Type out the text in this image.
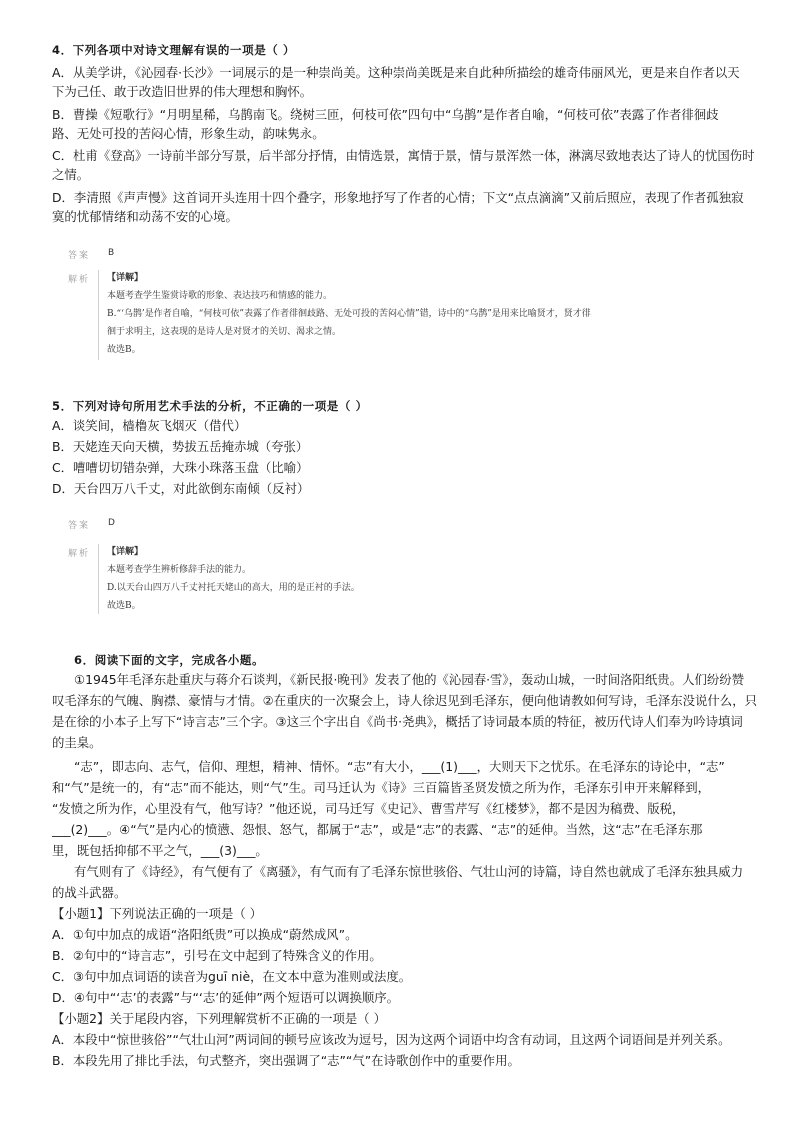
4．下列各项中对诗文理解有误的一项是（ ）
A．从美学讲，《沁园春·长沙》一词展示的是一种崇尚美。这种崇尚美既是来自此种所描绘的雄奇伟丽风光，更是来自作者以天
下为己任、敢于改造旧世界的伟大理想和胸怀。
B．曹操《短歌行》“月明星稀，乌鹊南飞。绕树三匝，何枝可依”四句中“乌鹊”是作者自喻，“何枝可依”表露了作者徘徊歧
路、无处可投的苦闷心情，形象生动，韵味隽永。
C．杜甫《登高》一诗前半部分写景，后半部分抒情，由情选景，寓情于景，情与景浑然一体，淋漓尽致地表达了诗人的忧国伤时
之情。
D．李清照《声声慢》这首词开头连用十四个叠字，形象地抒写了作者的心情；下文“点点滴滴”又前后照应，表现了作者孤独寂
寞的忧郁情绪和动荡不安的心境。
答案 B
解析 【详解】
本题考查学生鉴赏诗歌的形象、表达技巧和情感的能力。
B.“‘乌鹊’是作者自喻，“何枝可依”表露了作者徘徊歧路、无处可投的苦闷心情”错，诗中的“乌鹊”是用来比喻贤才，贤才徘
徊于求明主，这表现的是诗人是对贤才的关切、渴求之情。
故选B。
5．下列对诗句所用艺术手法的分析，不正确的一项是（ ）
A．谈笑间，樯橹灰飞烟灭（借代）
B．天姥连天向天横，势拔五岳掩赤城（夸张）
C．嘈嘈切切错杂弹，大珠小珠落玉盘（比喻）
D．天台四万八千丈，对此欲倒东南倾（反衬）
答案 D
解析 【详解】
本题考查学生辨析修辞手法的能力。
D.以天台山四万八千丈衬托天姥山的高大，用的是正衬的手法。
故选B。
6．阅读下面的文字，完成各小题。
①1945年毛泽东赴重庆与蒋介石谈判，《新民报·晚刊》发表了他的《沁园春·雪》，轰动山城，一时间洛阳纸贵。人们纷纷赞
叹毛泽东的气魄、胸襟、豪情与才情。②在重庆的一次聚会上，诗人徐迟见到毛泽东，便向他请教如何写诗，毛泽东没说什么，只
是在徐的小本子上写下“诗言志”三个字。③这三个字出自《尚书·尧典》，概括了诗词最本质的特征，被历代诗人们奉为吟诗填词
的圭臬。
“志”，即志向、志气，信仰、理想，精神、情怀。“志”有大小，___(1)___，大则天下之忧乐。在毛泽东的诗论中，“志”
和“气”是统一的，有“志”而不能达，则“气”生。司马迁认为《诗》三百篇皆圣贤发愤之所为作，毛泽东引申开来解释到，
“发愤之所为作，心里没有气，他写诗？”他还说，司马迁写《史记》、曹雪芹写《红楼梦》，都不是因为稿费、版税，
___(2)___。④“气”是内心的愤懑、怨恨、怒气，都属于“志”，或是“志”的表露、“志”的延伸。当然，这“志”在毛泽东那
里，既包括抑郁不平之气，___(3)___。
有气则有了《诗经》，有气便有了《离骚》，有气而有了毛泽东惊世骇俗、气壮山河的诗篇，诗自然也就成了毛泽东独具威力
的战斗武器。
【小题1】下列说法正确的一项是（ ）
A．①句中加点的成语“洛阳纸贵”可以换成“蔚然成风”。
B．②句中的“诗言志”，引号在文中起到了特殊含义的作用。
C．③句中加点词语的读音为guī niè，在文本中意为准则或法度。
D．④句中“‘志’的表露”与“‘志’的延伸”两个短语可以调换顺序。
【小题2】关于尾段内容，下列理解赏析不正确的一项是（ ）
A．本段中“惊世骇俗”“气壮山河”两词间的顿号应该改为逗号，因为这两个词语中均含有动词，且这两个词语间是并列关系。
B．本段先用了排比手法，句式整齐，突出强调了“志”“气”在诗歌创作中的重要作用。
